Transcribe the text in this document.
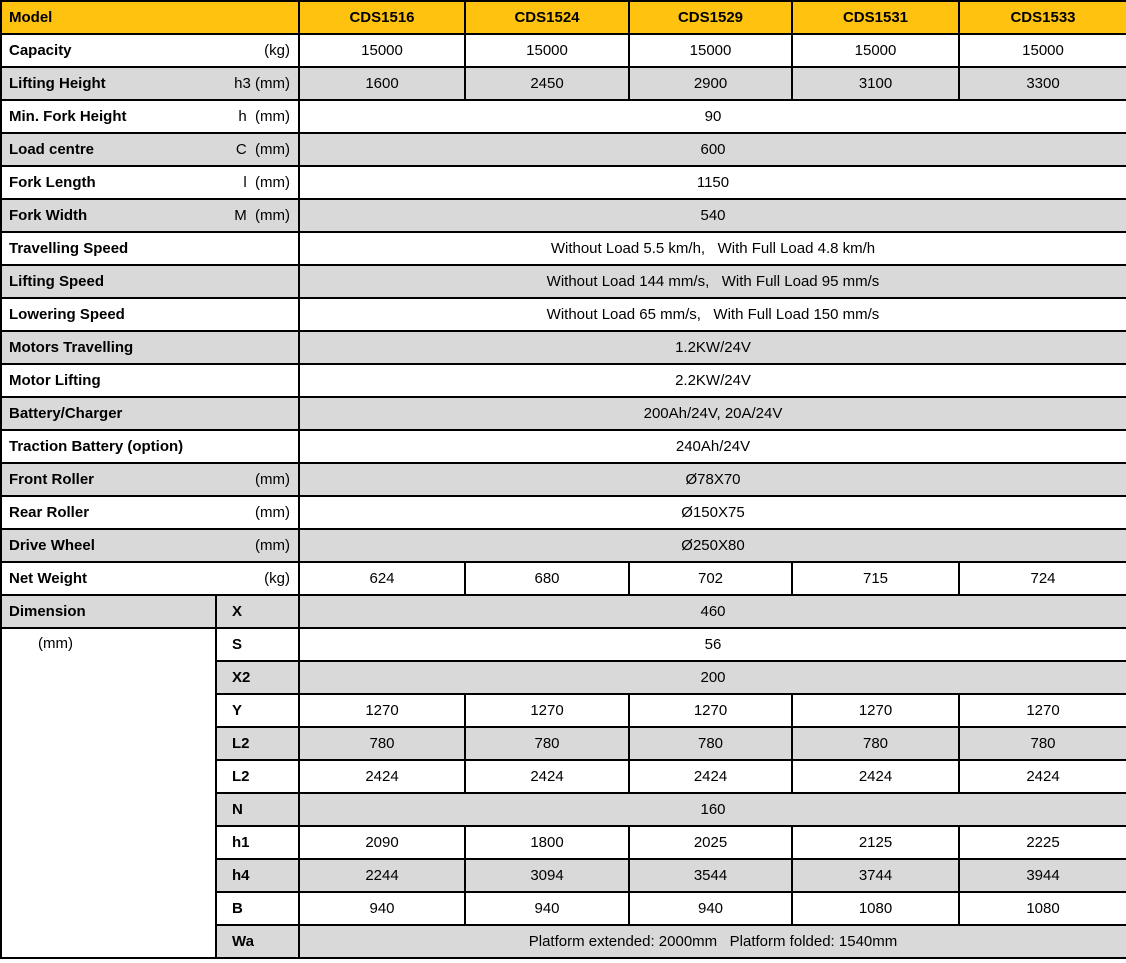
Model		CDS1516	CDS1524	CDS1529	CDS1531	CDS1533

Capacity (kg)		15000	15000	15000	15000	15000

Lifting Height h3 (mm)		1600	2450	2900	3100	3300

Min. Fork Height h  (mm)		90				

Load centre C  (mm)		600				

Fork Length l  (mm)		1150				

Fork Width M  (mm)		540				

Travelling Speed		Without Load 5.5 km/h,   With Full Load 4.8 km/h				

Lifting Speed		Without Load 144 mm/s,   With Full Load 95 mm/s				

Lowering Speed		Without Load 65 mm/s,   With Full Load 150 mm/s				

Motors Travelling		1.2KW/24V				

Motor Lifting		2.2KW/24V				

Battery/Charger		200Ah/24V, 20A/24V				

Traction Battery (option)		240Ah/24V				

Front Roller (mm)		Ø78X70				

Rear Roller (mm)		Ø150X75				

Drive Wheel (mm)		Ø250X80				

Net Weight (kg)		624	680	702	715	724
Dimension	X	460				
(mm)	S	56				
	X2	200				
	Y	1270	1270	1270	1270	1270
	L2	780	780	780	780	780
	L2	2424	2424	2424	2424	2424
	N	160				
	h1	2090	1800	2025	2125	2225
	h4	2244	3094	3544	3744	3944
	B	940	940	940	1080	1080
	Wa	Platform extended: 2000mm   Platform folded: 1540mm				
